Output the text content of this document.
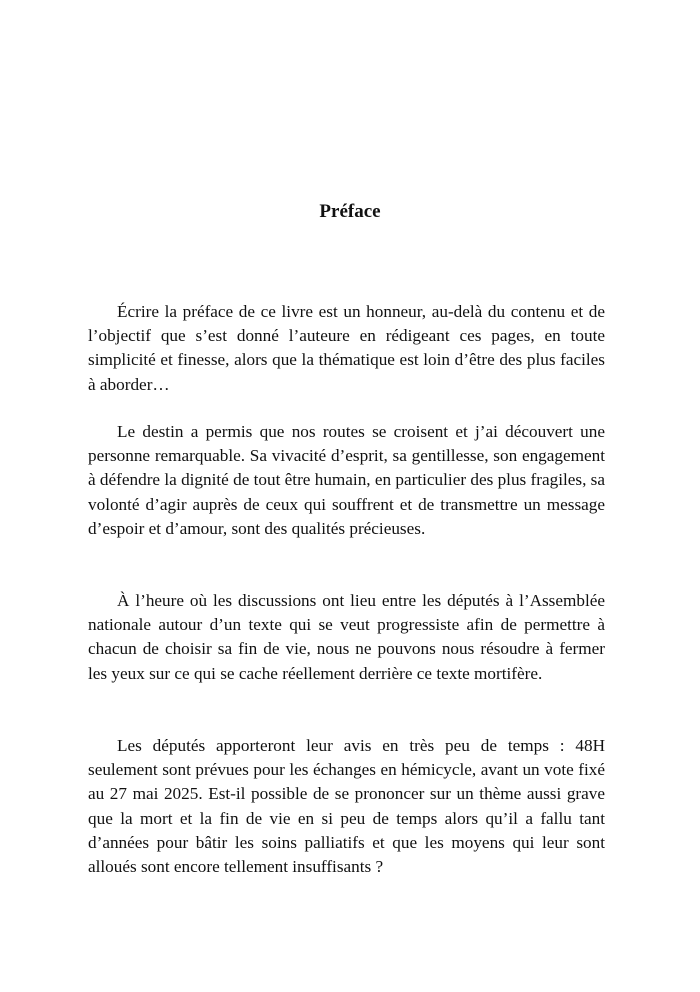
Préface

Écrire la préface de ce livre est un honneur, au-delà du contenu et de l’objectif que s’est donné l’auteure en rédigeant ces pages, en toute simplicité et finesse, alors que la thématique est loin d’être des plus faciles à aborder…

Le destin a permis que nos routes se croisent et j’ai découvert une personne remarquable. Sa vivacité d’esprit, sa gentillesse, son engagement à défendre la dignité de tout être humain, en particulier des plus fragiles, sa volonté d’agir auprès de ceux qui souffrent et de transmettre un message d’espoir et d’amour, sont des qualités précieuses.

À l’heure où les discussions ont lieu entre les députés à l’Assemblée nationale autour d’un texte qui se veut progressiste afin de permettre à chacun de choisir sa fin de vie, nous ne pouvons nous résoudre à fermer les yeux sur ce qui se cache réellement derrière ce texte mortifère.

Les députés apporteront leur avis en très peu de temps : 48H seulement sont prévues pour les échanges en hémicycle, avant un vote fixé au 27 mai 2025. Est-il possible de se prononcer sur un thème aussi grave que la mort et la fin de vie en si peu de temps alors qu’il a fallu tant d’années pour bâtir les soins palliatifs et que les moyens qui leur sont alloués sont encore tellement insuffisants ?
